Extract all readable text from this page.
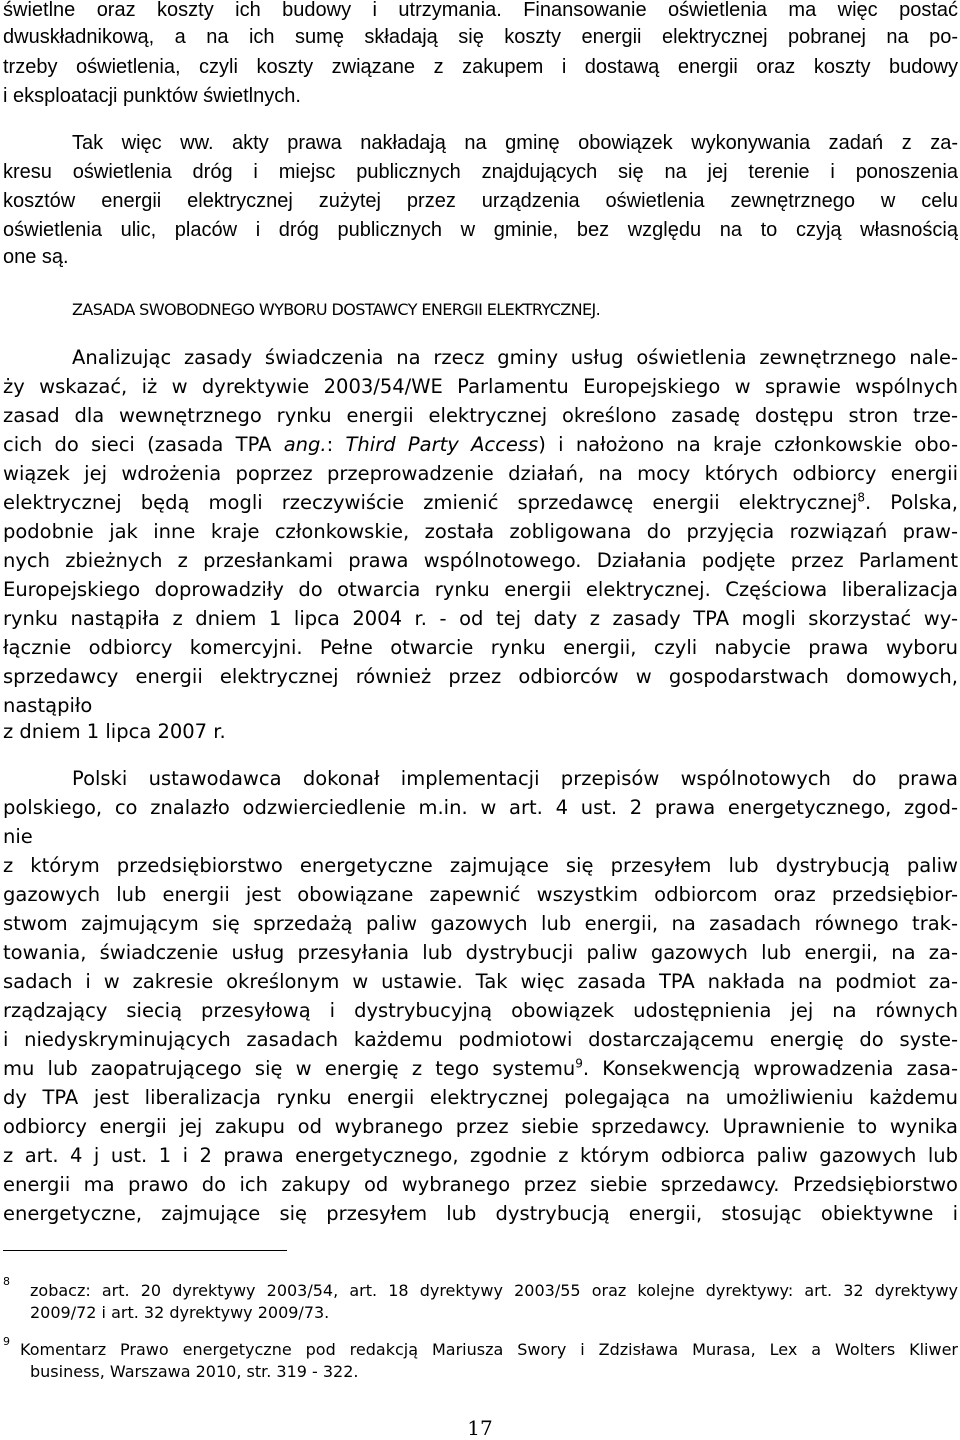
świetlne oraz koszty ich budowy i utrzymania. Finansowanie oświetlenia ma więc postać
dwuskładnikową, a na ich sumę składają się koszty energii elektrycznej pobranej na po-
trzeby oświetlenia, czyli koszty związane z zakupem i dostawą energii oraz koszty budowy
i eksploatacji punktów świetlnych.
Tak więc ww. akty prawa nakładają na gminę obowiązek wykonywania zadań z za-
kresu oświetlenia dróg i miejsc publicznych znajdujących się na jej terenie i ponoszenia
kosztów energii elektrycznej zużytej przez urządzenia oświetlenia zewnętrznego w celu
oświetlenia ulic, placów i dróg publicznych w gminie, bez względu na to czyją własnością
one są.
ZASADA SWOBODNEGO WYBORU DOSTAWCY ENERGII ELEKTRYCZNEJ.
Analizując zasady świadczenia na rzecz gminy usług oświetlenia zewnętrznego nale-
ży wskazać, iż w dyrektywie 2003/54/WE Parlamentu Europejskiego w sprawie wspólnych
zasad dla wewnętrznego rynku energii elektrycznej określono zasadę dostępu stron trze-
cich do sieci (zasada TPA ang.: Third Party Access) i nałożono na kraje członkowskie obo-
wiązek jej wdrożenia poprzez przeprowadzenie działań, na mocy których odbiorcy energii
elektrycznej będą mogli rzeczywiście zmienić sprzedawcę energii elektrycznej$^8$. Polska,
podobnie jak inne kraje członkowskie, została zobligowana do przyjęcia rozwiązań praw-
nych zbieżnych z przesłankami prawa wspólnotowego. Działania podjęte przez Parlament
Europejskiego doprowadziły do otwarcia rynku energii elektrycznej. Częściowa liberalizacja
rynku nastąpiła z dniem 1 lipca 2004 r. - od tej daty z zasady TPA mogli skorzystać wy-
łącznie odbiorcy komercyjni. Pełne otwarcie rynku energii, czyli nabycie prawa wyboru
sprzedawcy energii elektrycznej również przez odbiorców w gospodarstwach domowych,
nastąpiło
z dniem 1 lipca 2007 r.
Polski ustawodawca dokonał implementacji przepisów wspólnotowych do prawa
polskiego, co znalazło odzwierciedlenie m.in. w art. 4 ust. 2 prawa energetycznego, zgod-
nie
z którym przedsiębiorstwo energetyczne zajmujące się przesyłem lub dystrybucją paliw
gazowych lub energii jest obowiązane zapewnić wszystkim odbiorcom oraz przedsiębior-
stwom zajmującym się sprzedażą paliw gazowych lub energii, na zasadach równego trak-
towania, świadczenie usług przesyłania lub dystrybucji paliw gazowych lub energii, na za-
sadach i w zakresie określonym w ustawie. Tak więc zasada TPA nakłada na podmiot za-
rządzający siecią przesyłową i dystrybucyjną obowiązek udostępnienia jej na równych
i niedyskryminujących zasadach każdemu podmiotowi dostarczającemu energię do syste-
mu lub zaopatrującego się w energię z tego systemu$^9$. Konsekwencją wprowadzenia zasa-
dy TPA jest liberalizacja rynku energii elektrycznej polegająca na umożliwieniu każdemu
odbiorcy energii jej zakupu od wybranego przez siebie sprzedawcy. Uprawnienie to wynika
z art. 4 j ust. 1 i 2 prawa energetycznego, zgodnie z którym odbiorca paliw gazowych lub
energii ma prawo do ich zakupy od wybranego przez siebie sprzedawcy. Przedsiębiorstwo
energetyczne, zajmujące się przesyłem lub dystrybucją energii, stosując obiektywne i
8 zobacz: art. 20 dyrektywy 2003/54, art. 18 dyrektywy 2003/55 oraz kolejne dyrektywy: art. 32 dyrektywy
2009/72 i art. 32 dyrektywy 2009/73.
9 Komentarz Prawo energetyczne pod redakcją Mariusza Swory i Zdzisława Murasa, Lex a Wolters Kliwer
business, Warszawa 2010, str. 319 - 322.
17
